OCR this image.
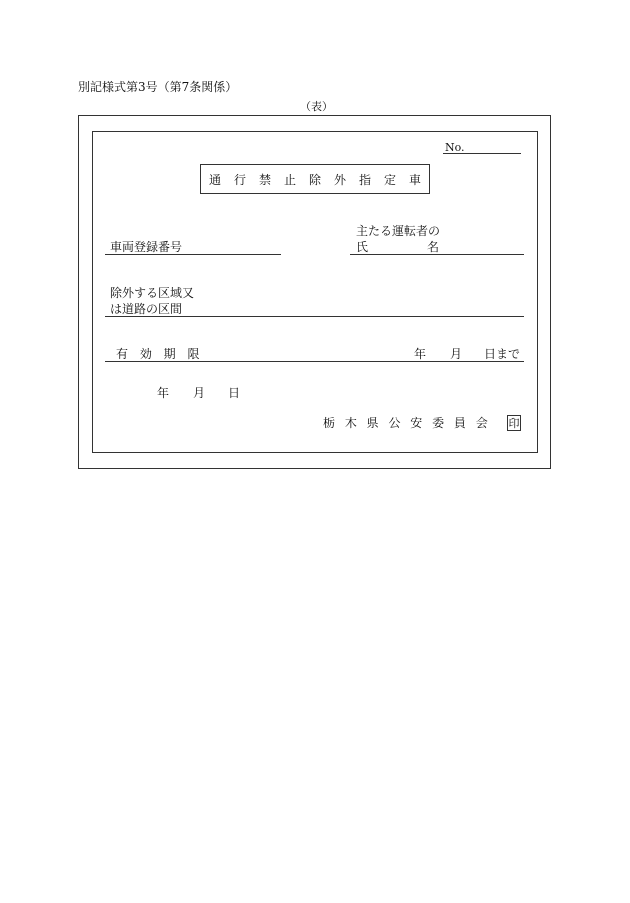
別記様式第3号（第7条関係）
（表）
No.
通行禁止除外指定車
車両登録番号
主たる運転者の
氏	名
除外する区域又
は道路の区間
有 効 期 限	年 月 日まで
年 月 日
栃 木 県 公 安 委 員 会 印
